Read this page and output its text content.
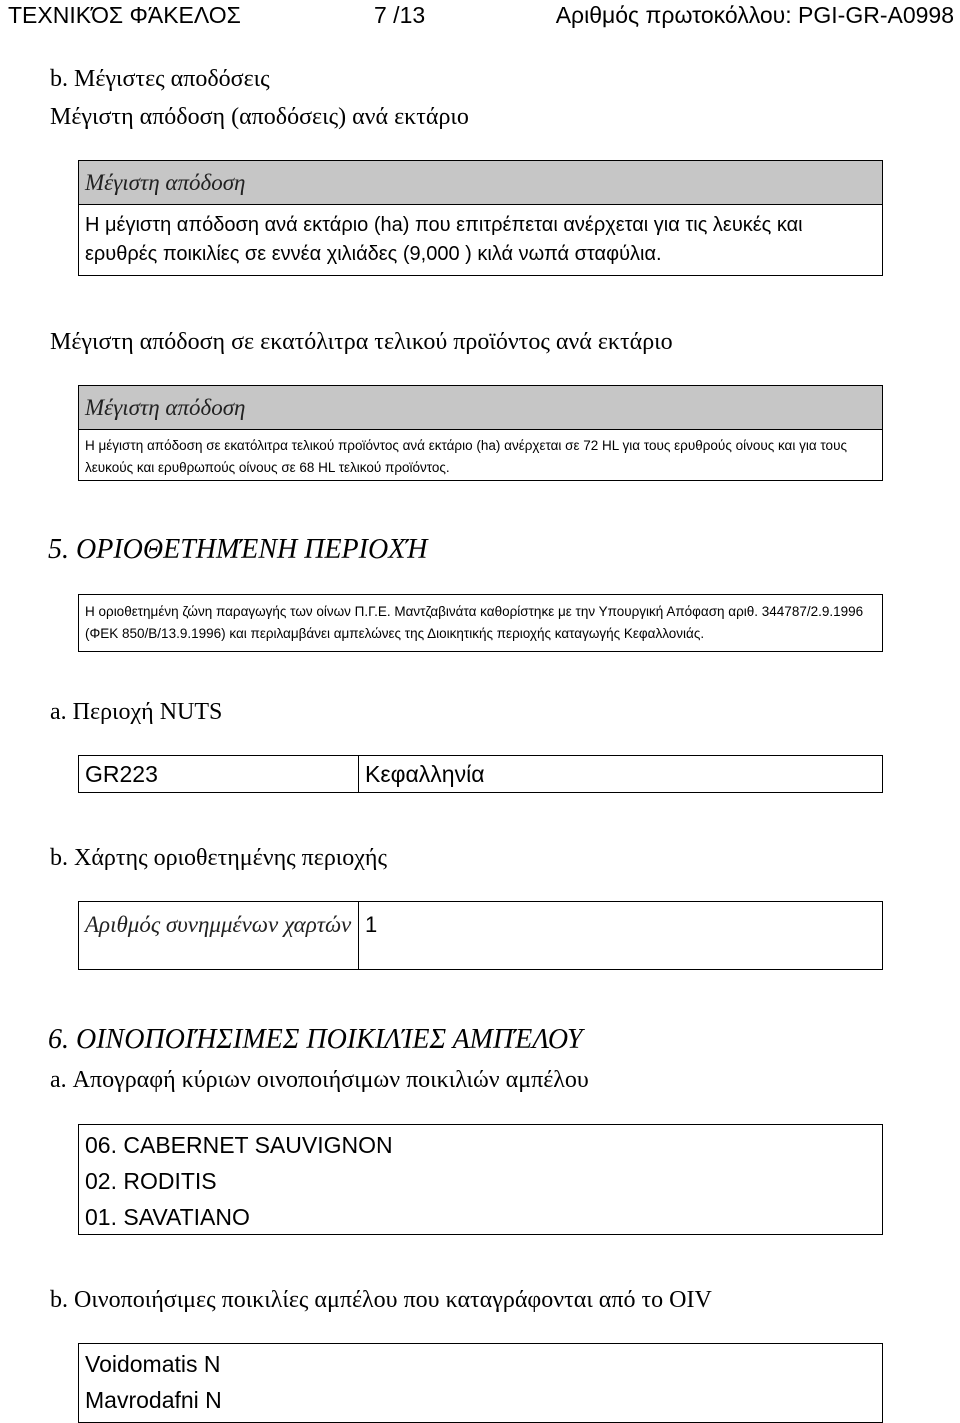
ΤΕΧΝΙΚΌΣ ΦΆΚΕΛΟΣ	7 /13	Αριθμός πρωτοκόλλου: PGI-GR-A0998
b. Μέγιστες αποδόσεις
Μέγιστη απόδοση (αποδόσεις) ανά εκτάριο
Μέγιστη απόδοση
Η μέγιστη απόδοση ανά εκτάριο (ha) που επιτρέπεται ανέρχεται για τις λευκές και ερυθρές ποικιλίες σε εννέα χιλιάδες (9,000 ) κιλά νωπά σταφύλια.
Μέγιστη απόδοση σε εκατόλιτρα τελικού προϊόντος ανά εκτάριο
Μέγιστη απόδοση
Η μέγιστη απόδοση σε εκατόλιτρα τελικού προϊόντος ανά εκτάριο (ha) ανέρχεται σε 72 HL για τους ερυθρούς οίνους και για τους λευκούς και ερυθρωπούς οίνους σε 68 HL τελικού προϊόντος.
5. ΟΡΙΟΘΕΤΗΜΈΝΗ ΠΕΡΙΟΧΉ
Η οριοθετημένη ζώνη παραγωγής των οίνων Π.Γ.Ε. Μαντζαβινάτα καθορίστηκε με την Υπουργική Απόφαση αριθ. 344787/2.9.1996 (ΦΕΚ 850/Β/13.9.1996) και περιλαμβάνει αμπελώνες της Διοικητικής περιοχής καταγωγής Κεφαλλονιάς.
a. Περιοχή NUTS
GR223	Κεφαλληνία
b. Χάρτης οριοθετημένης περιοχής
Αριθμός συνημμένων χαρτών 1
6. ΟΙΝΟΠΟΙΉΣΙΜΕΣ ΠΟΙΚΙΛΊΕΣ ΑΜΠΈΛΟΥ
a. Απογραφή κύριων οινοποιήσιμων ποικιλιών αμπέλου
06. CABERNET SAUVIGNON
02. RODITIS
01. SAVATIANO
b. Οινοποιήσιμες ποικιλίες αμπέλου που καταγράφονται από το OIV
Voidomatis N
Mavrodafni N
